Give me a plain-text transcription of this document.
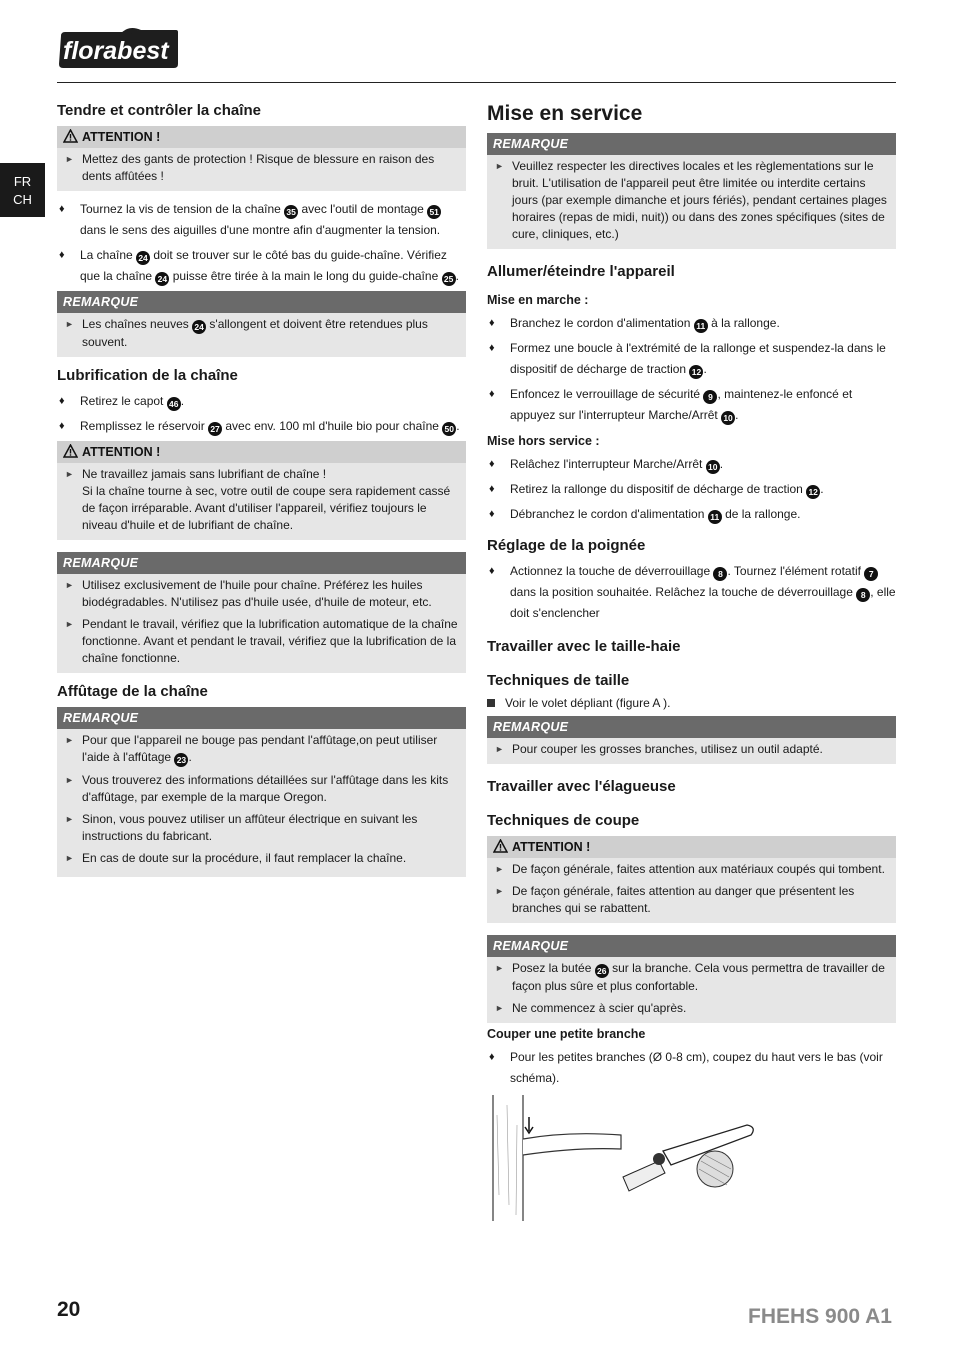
florabest
FR
CH
Tendre et contrôler la chaîne
ATTENTION !
► Mettez des gants de protection ! Risque de blessure en raison des dents affûtées !
♦ Tournez la vis de tension de la chaîne 35 avec l'outil de montage 51 dans le sens des aiguilles d'une montre afin d'augmenter la tension.
♦ La chaîne 24 doit se trouver sur le côté bas du guide-chaîne. Vérifiez que la chaîne 24 puisse être tirée à la main le long du guide-chaîne 25 .
REMARQUE
► Les chaînes neuves 24 s'allongent et doivent être retendues plus souvent.
Lubrification de la chaîne
♦ Retirez le capot 46 .
♦ Remplissez le réservoir 27 avec env. 100 ml d'huile bio pour chaîne 50 .
ATTENTION !
► Ne travaillez jamais sans lubrifiant de chaîne !
Si la chaîne tourne à sec, votre outil de coupe sera rapidement cassé de façon irréparable. Avant d'utiliser l'appareil, vérifiez toujours le niveau d'huile et de lubrifiant de chaîne.
REMARQUE
► Utilisez exclusivement de l'huile pour chaîne. Préférez les huiles biodégradables. N'utilisez pas d'huile usée, d'huile de moteur, etc.
► Pendant le travail, vérifiez que la lubrification automatique de la chaîne fonctionne. Avant et pendant le travail, vérifiez que la lubrification de la chaîne fonctionne.
Affûtage de la chaîne
REMARQUE
► Pour que l'appareil ne bouge pas pendant l'affûtage,on peut utiliser l'aide à l'affûtage 23 .
► Vous trouverez des informations détaillées sur l'affûtage dans les kits d'affûtage, par exemple de la marque Oregon.
► Sinon, vous pouvez utiliser un affûteur électrique en suivant les instructions du fabricant.
► En cas de doute sur la procédure, il faut remplacer la chaîne.
Mise en service
REMARQUE
► Veuillez respecter les directives locales et les règlementations sur le bruit. L'utilisation de l'appareil peut être limitée ou interdite certains jours (par exemple dimanche et jours fériés), pendant certaines plages horaires (repas de midi, nuit)) ou dans des zones spécifiques (sites de cure, cliniques, etc.)
Allumer/éteindre l'appareil
Mise en marche :
♦ Branchez le cordon d'alimentation 11 à la rallonge.
♦ Formez une boucle à l'extrémité de la rallonge et suspendez-la dans le dispositif de décharge de traction 12 .
♦ Enfoncez le verrouillage de sécurité 9 , maintenez-le enfoncé et appuyez sur l'interrupteur Marche/Arrêt 10 .
Mise hors service :
♦ Relâchez l'interrupteur Marche/Arrêt 10 .
♦ Retirez la rallonge du dispositif de décharge de traction 12 .
♦ Débranchez le cordon d'alimentation 11 de la rallonge.
Réglage de la poignée
♦ Actionnez la touche de déverrouillage 8 . Tournez l'élément rotatif 7 dans la position souhaitée. Relâchez la touche de déverrouillage 8 , elle doit s'enclencher
Travailler avec le taille-haie
Techniques de taille
Voir le volet dépliant (figure A ).
REMARQUE
► Pour couper les grosses branches, utilisez un outil adapté.
Travailler avec l'élagueuse
Techniques de coupe
ATTENTION !
► De façon générale, faites attention aux matériaux coupés qui tombent.
► De façon générale, faites attention au danger que présentent les branches qui se rabattent.
REMARQUE
► Posez la butée 26 sur la branche. Cela vous permettra de travailler de façon plus sûre et plus confortable.
► Ne commencez à scier qu'après.
Couper une petite branche
♦ Pour les petites branches (Ø 0-8 cm), coupez du haut vers le bas (voir schéma).
20	FHEHS 900 A1
